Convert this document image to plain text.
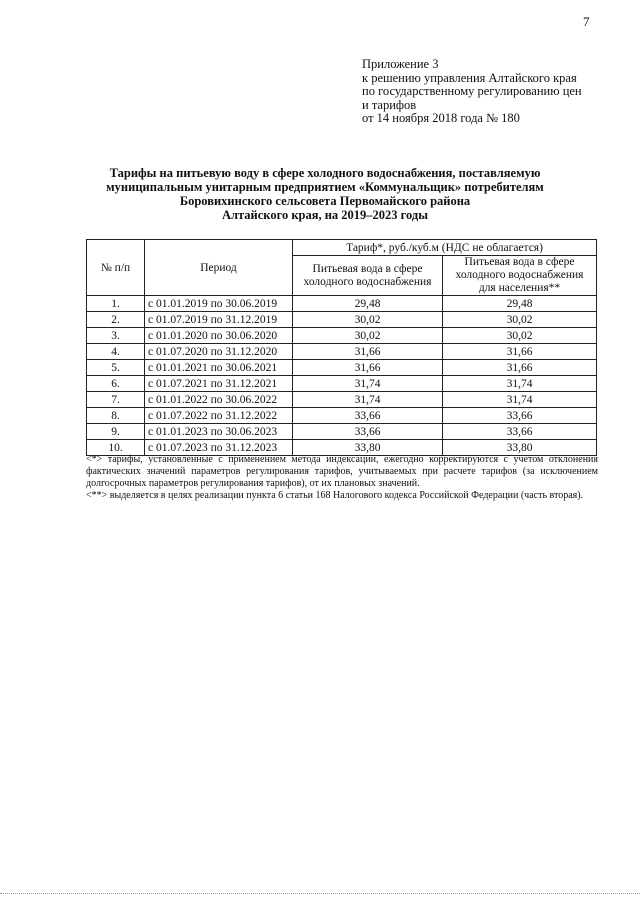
7
Приложение 3
к решению управления Алтайского края
по государственному регулированию цен
и тарифов
от 14 ноября 2018 года № 180
Тарифы на питьевую воду в сфере холодного водоснабжения, поставляемую
муниципальным унитарным предприятием «Коммунальщик» потребителям
Боровихинского сельсовета Первомайского района
Алтайского края, на 2019–2023 годы
№ п/п	Период	Тариф*, руб./куб.м (НДС не облагается)	
		Питьевая вода в сфере холодного водоснабжения	Питьевая вода в сфере холодного водоснабжения для населения**
1.	с 01.01.2019 по 30.06.2019	29,48	29,48
2.	с 01.07.2019 по 31.12.2019	30,02	30,02
3.	с 01.01.2020 по 30.06.2020	30,02	30,02
4.	с 01.07.2020 по 31.12.2020	31,66	31,66
5.	с 01.01.2021 по 30.06.2021	31,66	31,66
6.	с 01.07.2021 по 31.12.2021	31,74	31,74
7.	с 01.01.2022 по 30.06.2022	31,74	31,74
8.	с 01.07.2022 по 31.12.2022	33,66	33,66
9.	с 01.01.2023 по 30.06.2023	33,66	33,66
10.	с 01.07.2023 по 31.12.2023	33,80	33,80

<*> тарифы, установленные с применением метода индексации, ежегодно корректируются с учетом отклонения фактических значений параметров регулирования тарифов, учитываемых при расчете тарифов (за исключением долгосрочных параметров регулирования тарифов), от их плановых значений.

<**> выделяется в целях реализации пункта 6 статьи 168 Налогового кодекса Российской Федерации (часть вторая).
